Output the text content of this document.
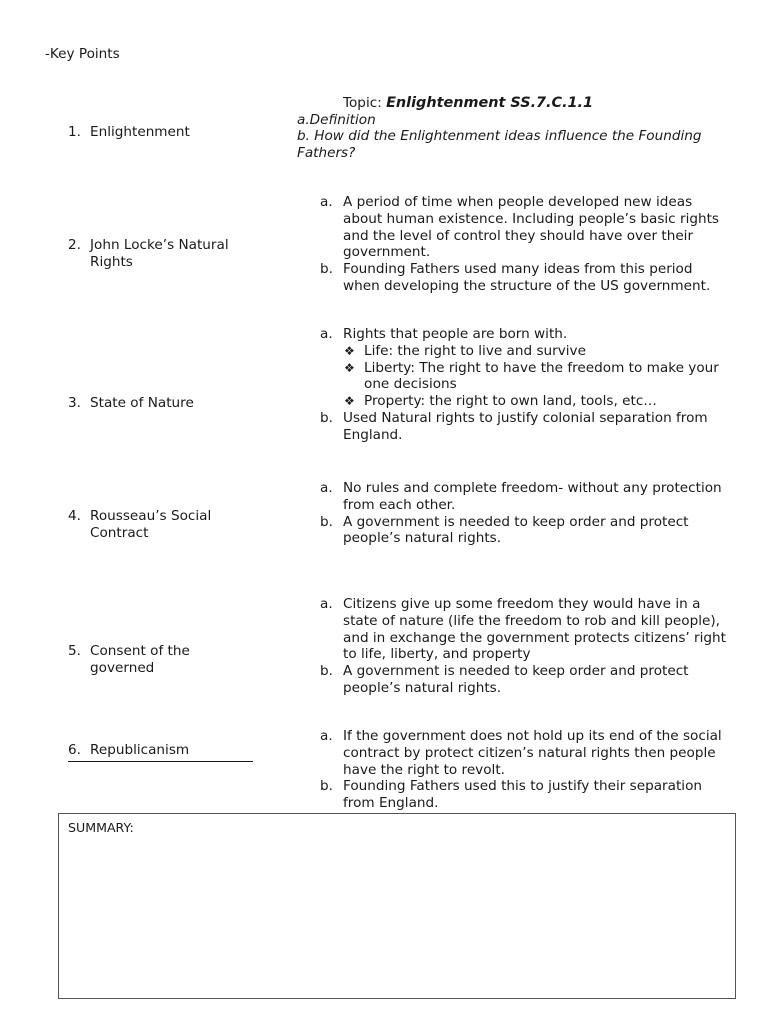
-Key Points
Topic: Enlightenment SS.7.C.1.1
a.Definition
b. How did the Enlightenment ideas influence the Founding Fathers?
1. Enlightenment
2. John Locke’s Natural Rights
3. State of Nature
4. Rousseau’s Social Contract
5. Consent of the governed
6. Republicanism
a. A period of time when people developed new ideas about human existence. Including people’s basic rights and the level of control they should have over their government.
b. Founding Fathers used many ideas from this period when developing the structure of the US government.
a. Rights that people are born with.
❖ Life: the right to live and survive
❖ Liberty: The right to have the freedom to make your one decisions
❖ Property: the right to own land, tools, etc…
b. Used Natural rights to justify colonial separation from England.
a. No rules and complete freedom- without any protection from each other.
b. A government is needed to keep order and protect people’s natural rights.
a. Citizens give up some freedom they would have in a state of nature (life the freedom to rob and kill people), and in exchange the government protects citizens’ right to life, liberty, and property
b. A government is needed to keep order and protect people’s natural rights.
a. If the government does not hold up its end of the social contract by protect citizen’s natural rights then people have the right to revolt.
b. Founding Fathers used this to justify their separation from England.
SUMMARY:
